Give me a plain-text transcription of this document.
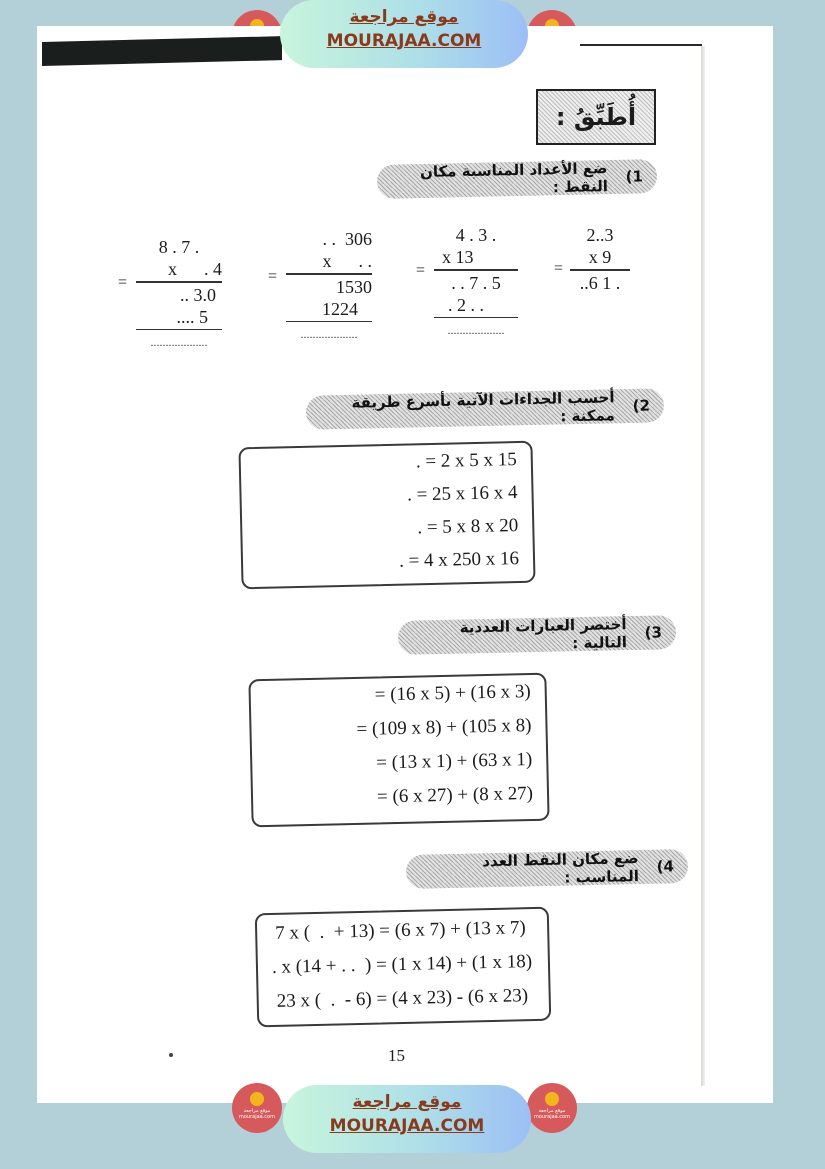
موقع مراجعة
MOURAJAA.COM
أُطَبِّقُ :
1)
ضع الأعداد المناسبة مكان النقط :
2..3
x 9
..6 1 .
=
4 . 3 .
x 13
. . 7 . 5
. 2 . .
...................
=
. .  306
x      . .
1530
1224
...................
=
8 . 7 .
x      . 4
.. 3.0
.... 5
...................
=
2)
أحسب الجداءات الآتية بأسرع طريقة ممكنة :
. = 2 x 5 x 15
. = 25 x 16 x 4
. = 5 x 8 x 20
. = 4 x 250 x 16
3)
أختصر العبارات العددية التالية :
= (16 x 5) + (16 x 3)
= (109 x 8) + (105 x 8)
= (13 x 1) + (63 x 1)
= (6 x 27) + (8 x 27)
4)
ضع مكان النقط العدد المناسب :
7 x (  .  + 13) = (6 x 7) + (13 x 7)
. x (14 + . .  ) = (1 x 14) + (1 x 18)
23 x (  .  - 6) = (4 x 23) - (6 x 23)
15
موقع مراجعة
mourajaa.com
موقع مراجعة
mourajaa.com
موقع مراجعة
MOURAJAA.COM
